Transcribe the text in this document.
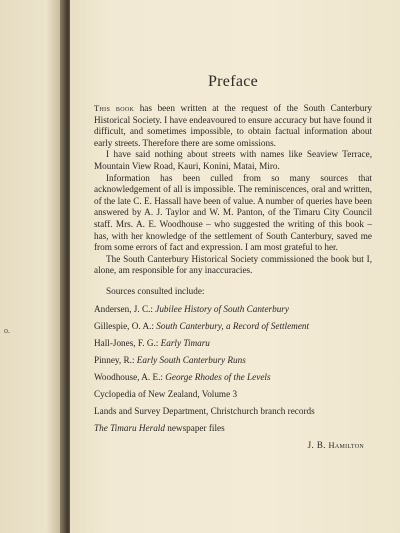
o.
Preface

This book has been written at the request of the South Canterbury Historical Society. I have endeavoured to ensure accuracy but have found it difficult, and sometimes impossible, to obtain factual information about early streets. Therefore there are some omissions.

I have said nothing about streets with names like Seaview Terrace, Mountain View Road, Kauri, Konini, Matai, Miro.

Information has been culled from so many sources that acknowledgement of all is impossible. The reminiscences, oral and written, of the late C. E. Hassall have been of value. A number of queries have been answered by A. J. Taylor and W. M. Panton, of the Timaru City Council staff. Mrs. A. E. Woodhouse – who suggested the writing of this book – has, with her knowledge of the settlement of South Canterbury, saved me from some errors of fact and expression. I am most grateful to her.

The South Canterbury Historical Society commissioned the book but I, alone, am responsible for any inaccuracies.

Sources consulted include:

Andersen, J. C.: Jubilee History of South Canterbury
Gillespie, O. A.: South Canterbury, a Record of Settlement
Hall-Jones, F. G.: Early Timaru
Pinney, R.: Early South Canterbury Runs
Woodhouse, A. E.: George Rhodes of the Levels
Cyclopedia of New Zealand, Volume 3
Lands and Survey Department, Christchurch branch records
The Timaru Herald newspaper files

J. B. Hamilton
